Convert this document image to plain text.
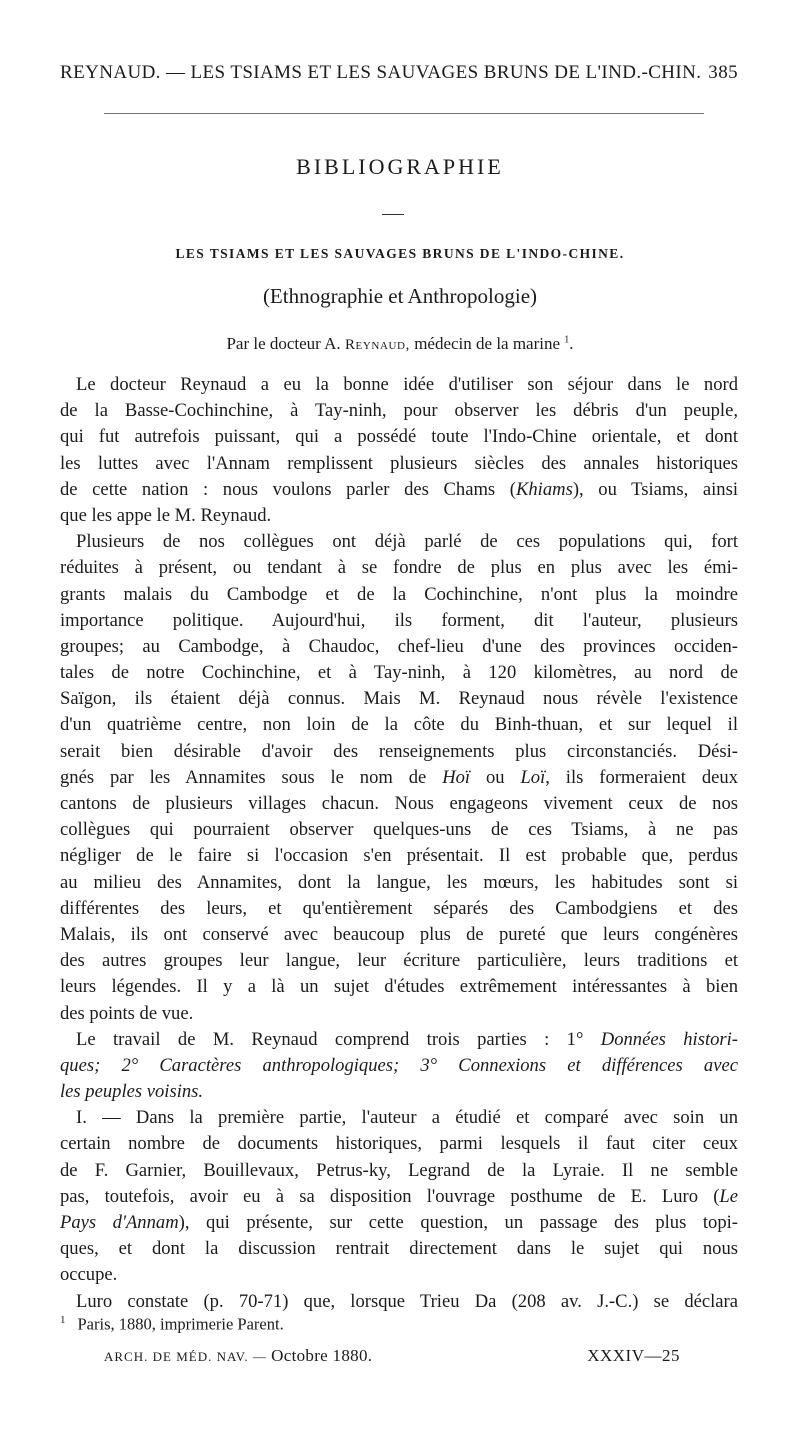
REYNAUD. — LES TSIAMS ET LES SAUVAGES BRUNS DE L'IND.-CHIN. 385
BIBLIOGRAPHIE
LES TSIAMS ET LES SAUVAGES BRUNS DE L'INDO-CHINE.
(Ethnographie et Anthropologie)
Par le docteur A. Reynaud, médecin de la marine $^1$.
Le docteur Reynaud a eu la bonne idée d'utiliser son séjour dans le nord
de la Basse-Cochinchine, à Tay-ninh, pour observer les débris d'un peuple,
qui fut autrefois puissant, qui a possédé toute l'Indo-Chine orientale, et dont
les luttes avec l'Annam remplissent plusieurs siècles des annales historiques
de cette nation : nous voulons parler des Chams (Khiams), ou Tsiams, ainsi
que les appe le M. Reynaud.
Plusieurs de nos collègues ont déjà parlé de ces populations qui, fort
réduites à présent, ou tendant à se fondre de plus en plus avec les émi-
grants malais du Cambodge et de la Cochinchine, n'ont plus la moindre
importance politique. Aujourd'hui, ils forment, dit l'auteur, plusieurs
groupes; au Cambodge, à Chaudoc, chef-lieu d'une des provinces occiden-
tales de notre Cochinchine, et à Tay-ninh, à 120 kilomètres, au nord de
Saïgon, ils étaient déjà connus. Mais M. Reynaud nous révèle l'existence
d'un quatrième centre, non loin de la côte du Binh-thuan, et sur lequel il
serait bien désirable d'avoir des renseignements plus circonstanciés. Dési-
gnés par les Annamites sous le nom de Hoï ou Loï, ils formeraient deux
cantons de plusieurs villages chacun. Nous engageons vivement ceux de nos
collègues qui pourraient observer quelques-uns de ces Tsiams, à ne pas
négliger de le faire si l'occasion s'en présentait. Il est probable que, perdus
au milieu des Annamites, dont la langue, les mœurs, les habitudes sont si
différentes des leurs, et qu'entièrement séparés des Cambodgiens et des
Malais, ils ont conservé avec beaucoup plus de pureté que leurs congénères
des autres groupes leur langue, leur écriture particulière, leurs traditions et
leurs légendes. Il y a là un sujet d'études extrêmement intéressantes à bien
des points de vue.
Le travail de M. Reynaud comprend trois parties : 1° Données histori-
ques; 2° Caractères anthropologiques; 3° Connexions et différences avec
les peuples voisins.
I. — Dans la première partie, l'auteur a étudié et comparé avec soin un
certain nombre de documents historiques, parmi lesquels il faut citer ceux
de F. Garnier, Bouillevaux, Petrus-ky, Legrand de la Lyraie. Il ne semble
pas, toutefois, avoir eu à sa disposition l'ouvrage posthume de E. Luro (Le
Pays d'Annam), qui présente, sur cette question, un passage des plus topi-
ques, et dont la discussion rentrait directement dans le sujet qui nous
occupe.
Luro constate (p. 70-71) que, lorsque Trieu Da (208 av. J.-C.) se déclara
$^1$ Paris, 1880, imprimerie Parent.
ARCH. DE MÉD. NAV. — Octobre 1880.	XXXIV—25
